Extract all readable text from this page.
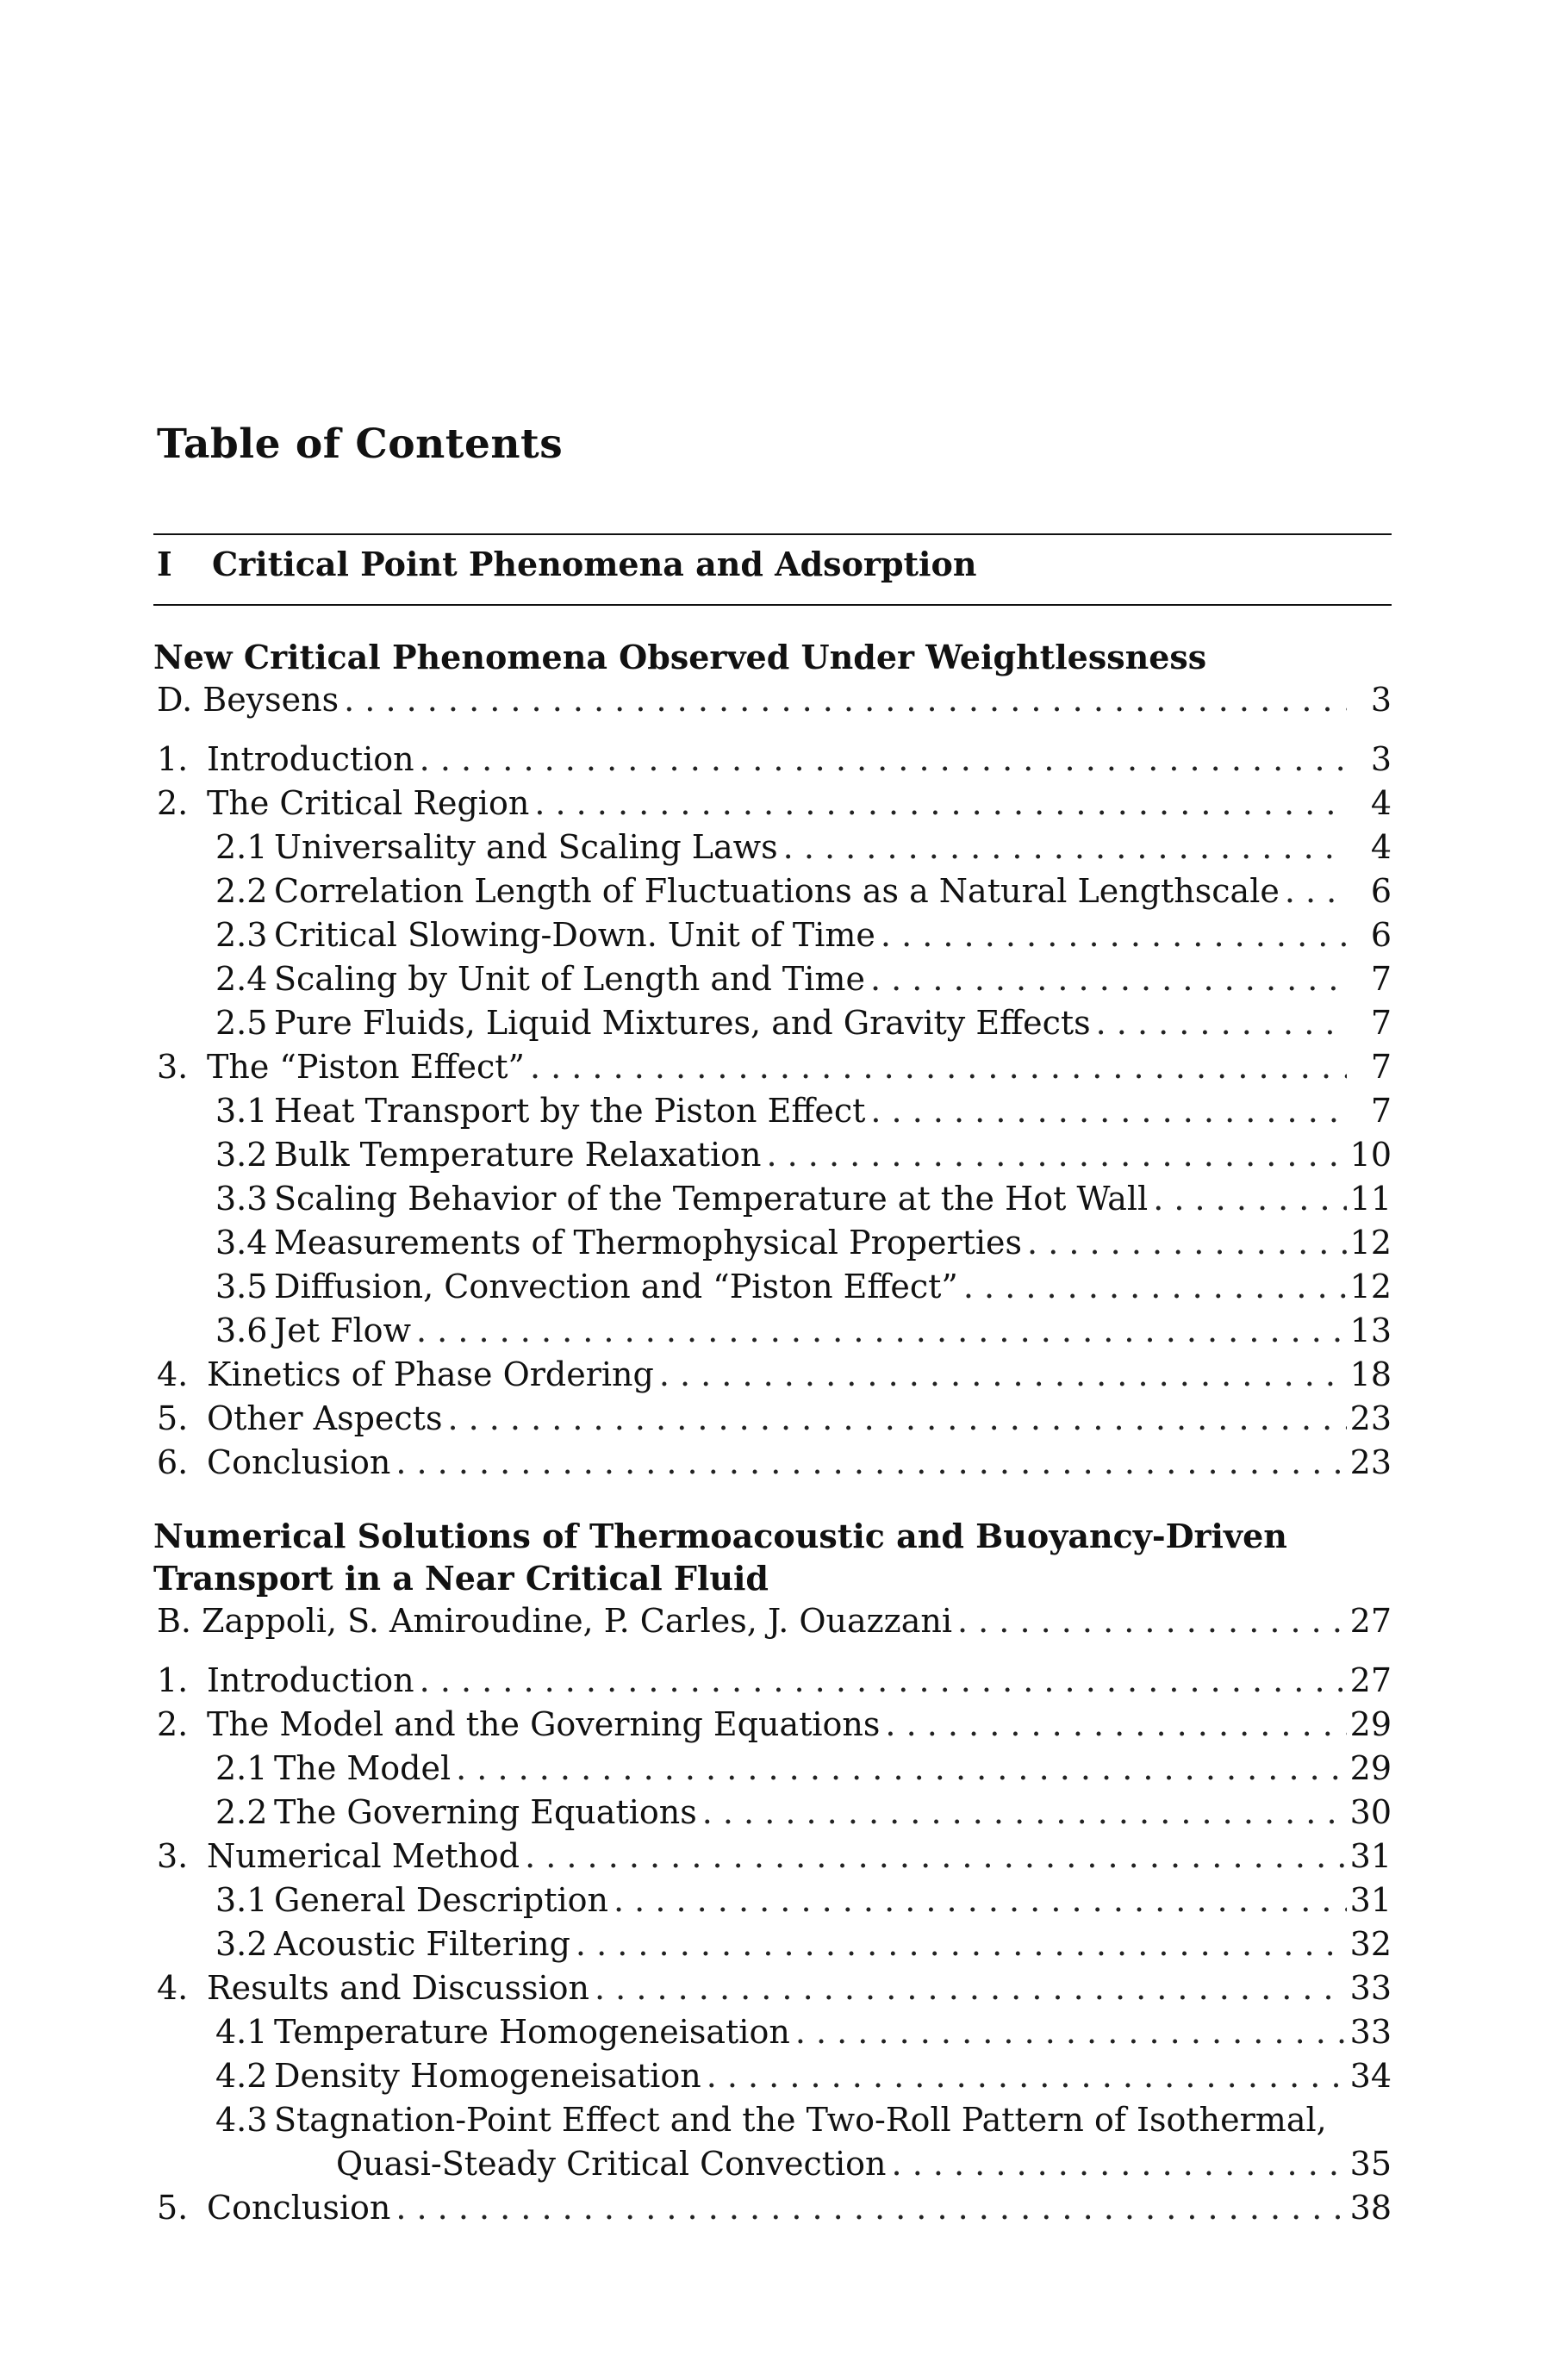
Table of Contents
I Critical Point Phenomena and Adsorption
New Critical Phenomena Observed Under Weightlessness
D. Beysens . . .	3
1. Introduction . . .	3
2. The Critical Region . . .	4
2.1 Universality and Scaling Laws . . .	4
2.2 Correlation Length of Fluctuations as a Natural Lengthscale . . .	6
2.3 Critical Slowing-Down. Unit of Time . . .	6
2.4 Scaling by Unit of Length and Time . . .	7
2.5 Pure Fluids, Liquid Mixtures, and Gravity Effects . . .	7
3. The “Piston Effect” . . .	7
3.1 Heat Transport by the Piston Effect . . .	7
3.2 Bulk Temperature Relaxation . . .	10
3.3 Scaling Behavior of the Temperature at the Hot Wall . . .	11
3.4 Measurements of Thermophysical Properties . . .	12
3.5 Diffusion, Convection and “Piston Effect” . . .	12
3.6 Jet Flow . . .	13
4. Kinetics of Phase Ordering . . .	18
5. Other Aspects . . .	23
6. Conclusion . . .	23
Numerical Solutions of Thermoacoustic and Buoyancy-Driven
Transport in a Near Critical Fluid
B. Zappoli, S. Amiroudine, P. Carles, J. Ouazzani . . .	27
1. Introduction . . .	27
2. The Model and the Governing Equations . . .	29
2.1 The Model . . .	29
2.2 The Governing Equations . . .	30
3. Numerical Method . . .	31
3.1 General Description . . .	31
3.2 Acoustic Filtering . . .	32
4. Results and Discussion . . .	33
4.1 Temperature Homogeneisation . . .	33
4.2 Density Homogeneisation . . .	34
4.3 Stagnation-Point Effect and the Two-Roll Pattern of Isothermal,
Quasi-Steady Critical Convection . . .	35
5. Conclusion . . .	38
